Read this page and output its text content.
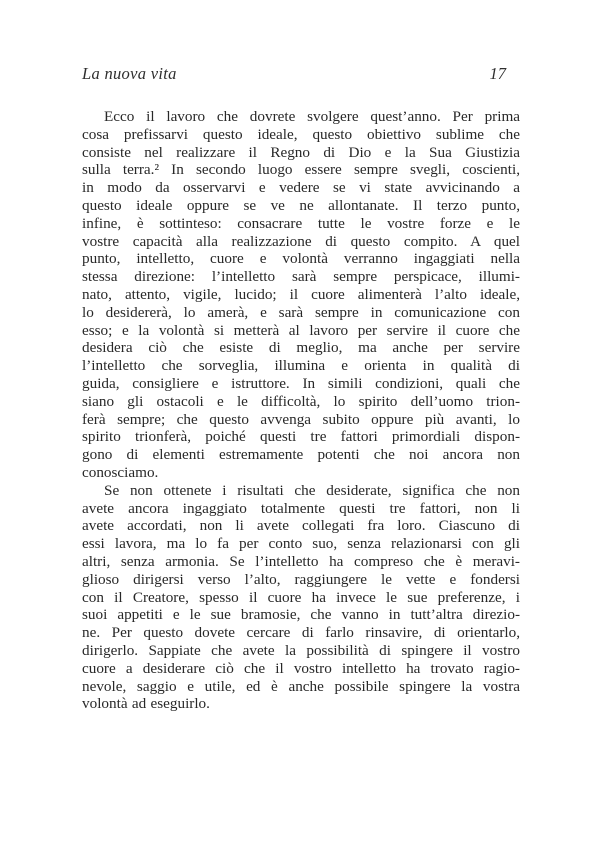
La nuova vita	17
Ecco il lavoro che dovrete svolgere quest’anno. Per prima
cosa prefissarvi questo ideale, questo obiettivo sublime che
consiste nel realizzare il Regno di Dio e la Sua Giustizia
sulla terra.² In secondo luogo essere sempre svegli, coscienti,
in modo da osservarvi e vedere se vi state avvicinando a
questo ideale oppure se ve ne allontanate. Il terzo punto,
infine, è sottinteso: consacrare tutte le vostre forze e le
vostre capacità alla realizzazione di questo compito. A quel
punto, intelletto, cuore e volontà verranno ingaggiati nella
stessa direzione: l’intelletto sarà sempre perspicace, illumi-
nato, attento, vigile, lucido; il cuore alimenterà l’alto ideale,
lo desidererà, lo amerà, e sarà sempre in comunicazione con
esso; e la volontà si metterà al lavoro per servire il cuore che
desidera ciò che esiste di meglio, ma anche per servire
l’intelletto che sorveglia, illumina e orienta in qualità di
guida, consigliere e istruttore. In simili condizioni, quali che
siano gli ostacoli e le difficoltà, lo spirito dell’uomo trion-
ferà sempre; che questo avvenga subito oppure più avanti, lo
spirito trionferà, poiché questi tre fattori primordiali dispon-
gono di elementi estremamente potenti che noi ancora non
conosciamo.
Se non ottenete i risultati che desiderate, significa che non
avete ancora ingaggiato totalmente questi tre fattori, non li
avete accordati, non li avete collegati fra loro. Ciascuno di
essi lavora, ma lo fa per conto suo, senza relazionarsi con gli
altri, senza armonia. Se l’intelletto ha compreso che è meravi-
glioso dirigersi verso l’alto, raggiungere le vette e fondersi
con il Creatore, spesso il cuore ha invece le sue preferenze, i
suoi appetiti e le sue bramosie, che vanno in tutt’altra direzio-
ne. Per questo dovete cercare di farlo rinsavire, di orientarlo,
dirigerlo. Sappiate che avete la possibilità di spingere il vostro
cuore a desiderare ciò che il vostro intelletto ha trovato ragio-
nevole, saggio e utile, ed è anche possibile spingere la vostra
volontà ad eseguirlo.
